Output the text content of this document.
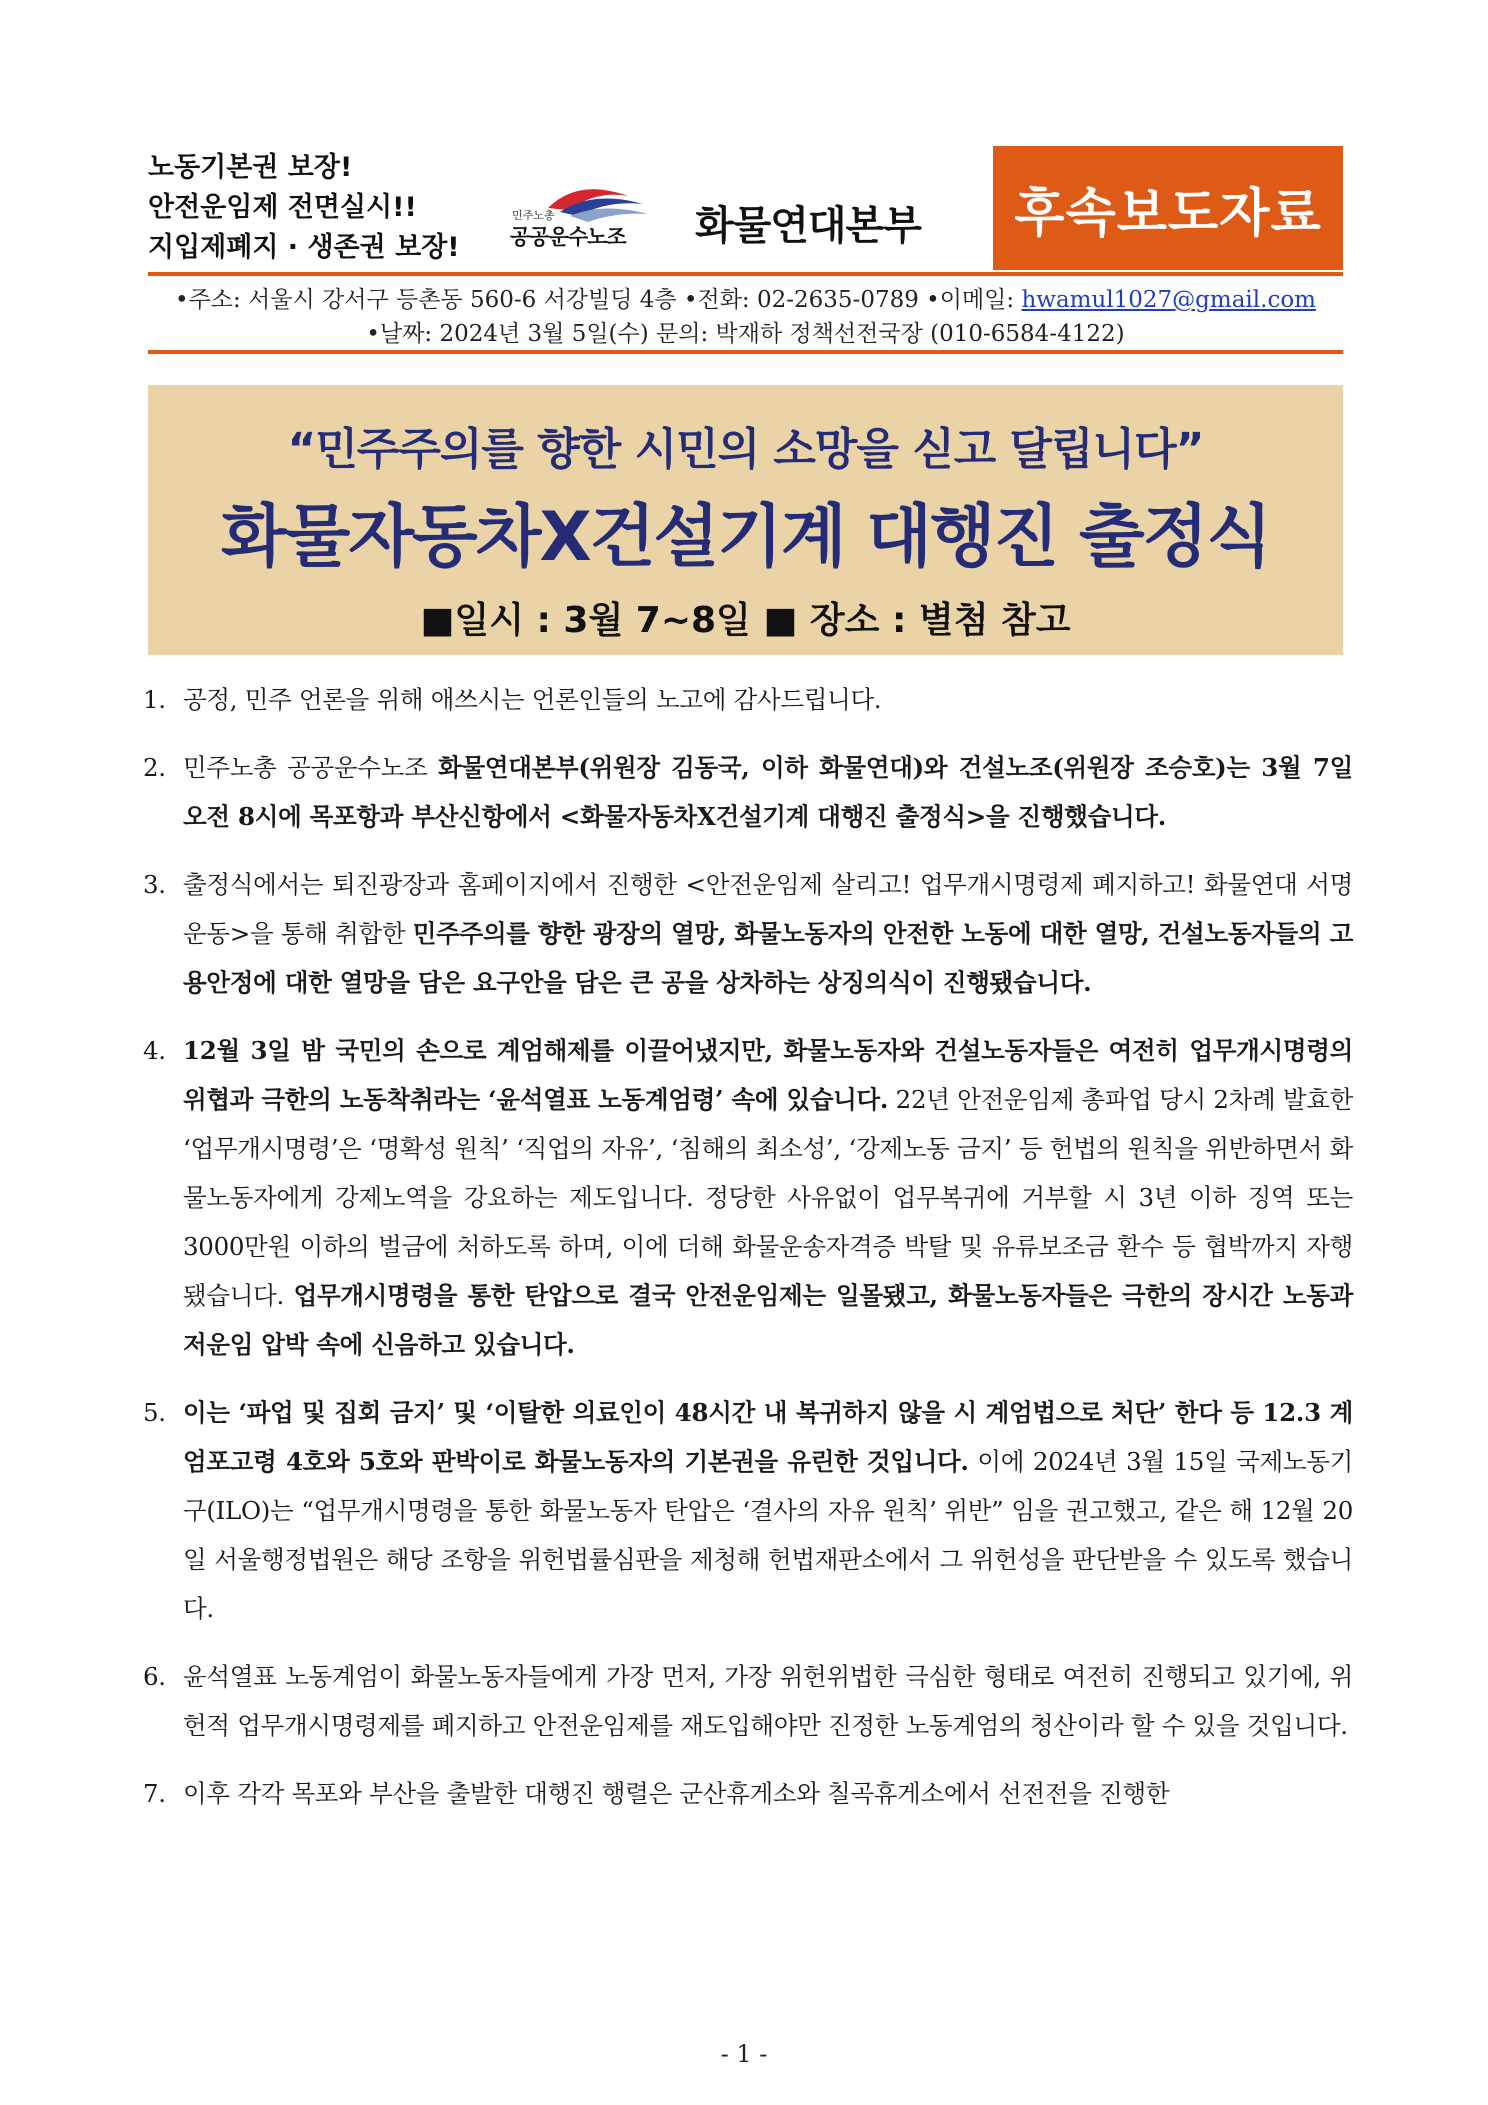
노동기본권 보장!
안전운임제 전면실시!!
지입제폐지 · 생존권 보장!
민주노총
공공운수노조 화물연대본부	후속보도자료
•주소: 서울시 강서구 등촌동 560-6 서강빌딩 4층 •전화: 02-2635-0789 •이메일: hwamul1027@gmail.com
•날짜: 2024년 3월 5일(수) 문의: 박재하 정책선전국장 (010-6584-4122)
“민주주의를 향한 시민의 소망을 싣고 달립니다”
화물자동차X건설기계 대행진 출정식
■일시 : 3월 7~8일 ■ 장소 : 별첨 참고
1. 공정, 민주 언론을 위해 애쓰시는 언론인들의 노고에 감사드립니다.
2. 민주노총 공공운수노조 화물연대본부(위원장 김동국, 이하 화물연대)와 건설노조(위원장 조승호)는 3월 7일 오전 8시에 목포항과 부산신항에서 <화물자동차X건설기계 대행진 출정식>을 진행했습니다.
3. 출정식에서는 퇴진광장과 홈페이지에서 진행한 <안전운임제 살리고! 업무개시명령제 폐지하고! 화물연대 서명운동>을 통해 취합한 민주주의를 향한 광장의 열망, 화물노동자의 안전한 노동에 대한 열망, 건설노동자들의 고용안정에 대한 열망을 담은 요구안을 담은 큰 공을 상차하는 상징의식이 진행됐습니다.
4. 12월 3일 밤 국민의 손으로 계엄해제를 이끌어냈지만, 화물노동자와 건설노동자들은 여전히 업무개시명령의 위협과 극한의 노동착취라는 ‘윤석열표 노동계엄령’ 속에 있습니다. 22년 안전운임제 총파업 당시 2차례 발효한 ‘업무개시명령’은 ‘명확성 원칙’ ‘직업의 자유’, ‘침해의 최소성’, ‘강제노동 금지’ 등 헌법의 원칙을 위반하면서 화물노동자에게 강제노역을 강요하는 제도입니다. 정당한 사유없이 업무복귀에 거부할 시 3년 이하 징역 또는 3000만원 이하의 벌금에 처하도록 하며, 이에 더해 화물운송자격증 박탈 및 유류보조금 환수 등 협박까지 자행됐습니다. 업무개시명령을 통한 탄압으로 결국 안전운임제는 일몰됐고, 화물노동자들은 극한의 장시간 노동과 저운임 압박 속에 신음하고 있습니다.
5. 이는 ‘파업 및 집회 금지’ 및 ‘이탈한 의료인이 48시간 내 복귀하지 않을 시 계엄법으로 처단’ 한다 등 12.3 계엄포고령 4호와 5호와 판박이로 화물노동자의 기본권을 유린한 것입니다. 이에 2024년 3월 15일 국제노동기구(ILO)는 “업무개시명령을 통한 화물노동자 탄압은 ‘결사의 자유 원칙’ 위반” 임을 권고했고, 같은 해 12월 20일 서울행정법원은 해당 조항을 위헌법률심판을 제청해 헌법재판소에서 그 위헌성을 판단받을 수 있도록 했습니다.
6. 윤석열표 노동계엄이 화물노동자들에게 가장 먼저, 가장 위헌위법한 극심한 형태로 여전히 진행되고 있기에, 위헌적 업무개시명령제를 폐지하고 안전운임제를 재도입해야만 진정한 노동계엄의 청산이라 할 수 있을 것입니다.
7. 이후 각각 목포와 부산을 출발한 대행진 행렬은 군산휴게소와 칠곡휴게소에서 선전전을 진행한
- 1 -
